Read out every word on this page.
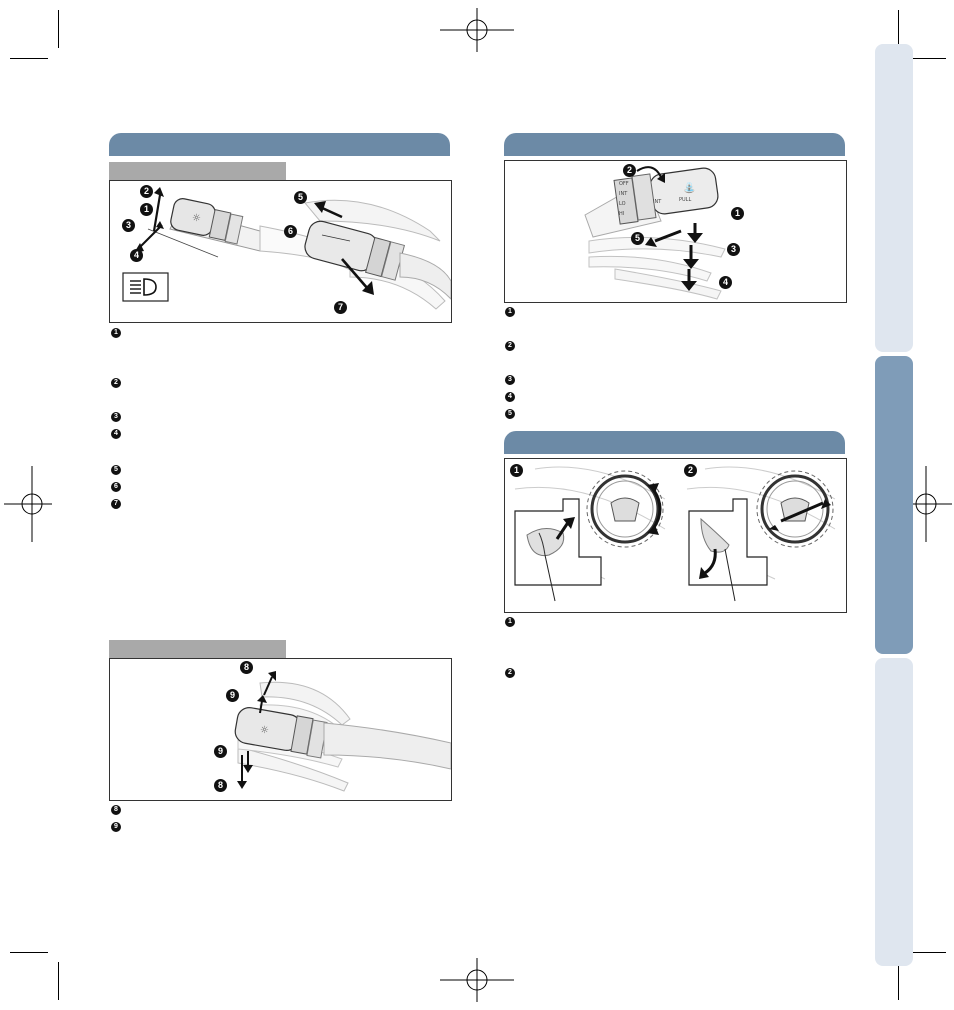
☼
2
1
3
4
5
6
7
1
2
3
4
5
6
7
☼
8
9
9
8
8
9
OFF
INT
LO
HI
INT	PULL
⛲
2
5
1
3
4
1
2
3
4
5
1	2
1
2
